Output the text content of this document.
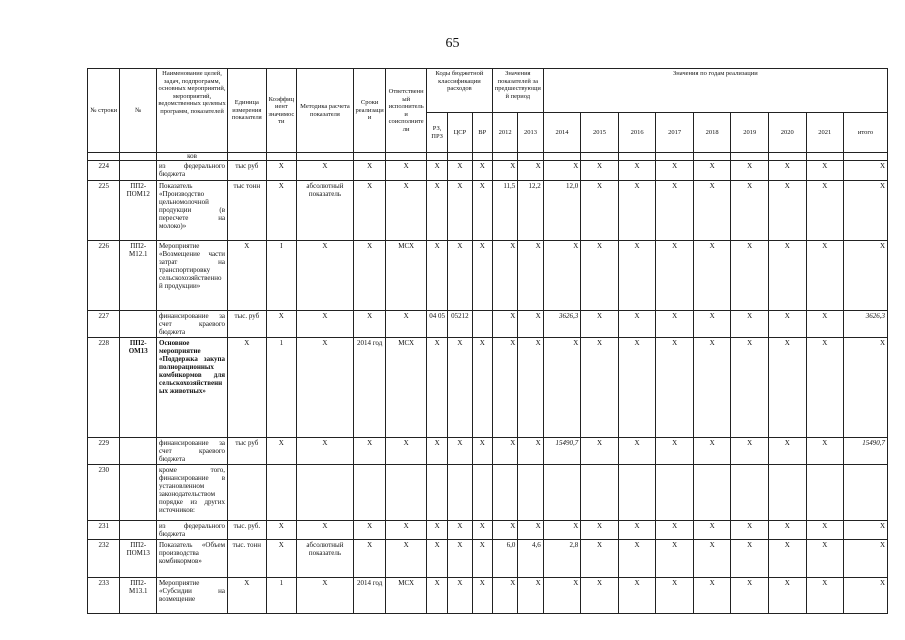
65
№ строки	№	Наименование целей, задач, подпрограмм, основных мероприятий, мероприятий, ведомственных целевых программ, показателей	Единица измерения показателя	Коэффициент значимости	Методика расчета показателя	Сроки реализации	Ответственный исполнитель и соисполнители	Коды бюджетной классификации расходов			Значения показателей за предшествующий период		Значения по годам реализации								
								РЗ, ПРЗ	ЦСР	ВР	2012	2013	2014	2015	2016	2017	2018	2019	2020	2021	итого
		ков																			
224		из федерального бюджета	тыс руб	X	X	X	X	X	X	X	X	X	X	X	X	X	X	X	X	X	X
225	ПП2-ПОМ12	Показатель «Производство цельномолочной продукции (в пересчете на молоко)»	тыс тонн	X	абсолютный показатель	X	X	X	X	X	11,5	12,2	12,0	X	X	X	X	X	X	X	X
226	ПП2-М12.1	Мероприятие «Возмещение части затрат на транспортировку сельскохозяйственной продукции»	X	I	X	X	МСХ	X	X	X	X	X	X	X	X	X	X	X	X	X	X
227		финансирование за счет краевого бюджета	тыс. руб	X	X	X	X	04 05	05212		X	X	3626,3	X	X	X	X	X	X	X	3626,3
228	ПП2-ОМ13	Основное мероприятие «Поддержка закупа полнорационных комбикормов для сельскохозяйственных животных»	X	1	X	2014 год	МСХ	X	X	X	X	X	X	X	X	X	X	X	X	X	X
229		финансирование за счет краевого бюджета	тыс руб	X	X	X	X	X	X	X	X	X	15490,7	X	X	X	X	X	X	X	15490,7
230		кроме того, финансирование в установленном законодательством порядке из других источников:																			
231		из федерального бюджета	тыс. руб.	X	X	X	X	X	X	X	X	X	X	X	X	X	X	X	X	X	X
232	ПП2-ПОМ13	Показатель «Объем производства комбикормов»	тыс. тонн	X	абсолютный показатель	X	X	X	X	X	6,0	4,6	2,8	X	X	X	X	X	X	X	X
233	ПП2-М13.1	Мероприятие «Субсидии на возмещение	X	1	X	2014 год	МСХ	X	X	X	X	X	X	X	X	X	X	X	X	X	X
